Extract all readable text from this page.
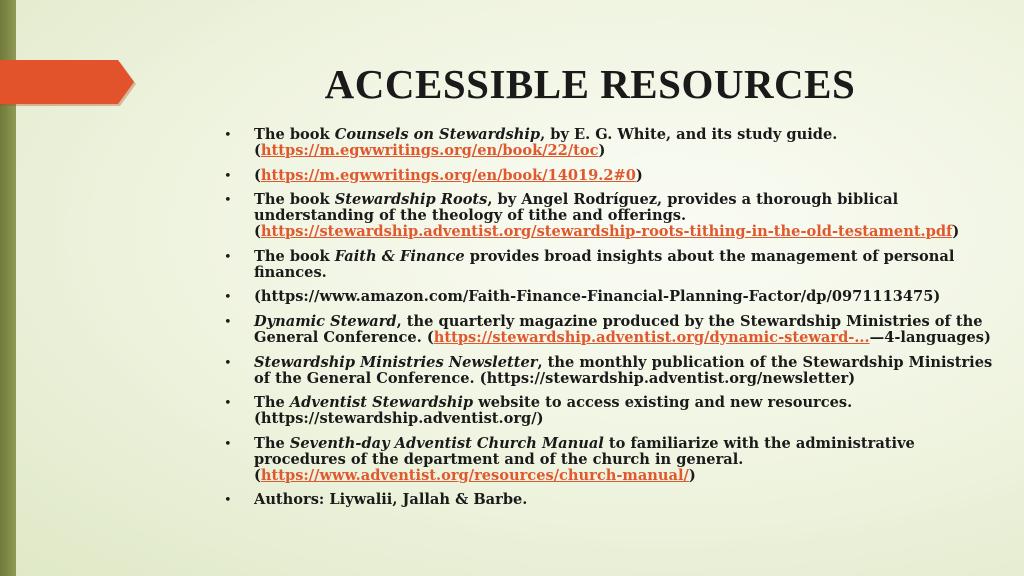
ACCESSIBLE RESOURCES
• The book Counsels on Stewardship, by E. G. White, and its study guide. (https://m.egwwritings.org/en/book/22/toc)
• (https://m.egwwritings.org/en/book/14019.2#0)
• The book Stewardship Roots, by Angel Rodríguez, provides a thorough biblical understanding of the theology of tithe and offerings. (https://stewardship.adventist.org/stewardship-roots-tithing-in-the-old-testament.pdf)
• The book Faith & Finance provides broad insights about the management of personal finances.
• (https://www.amazon.com/Faith-Finance-Financial-Planning-Factor/dp/0971113475)
• Dynamic Steward, the quarterly magazine produced by the Stewardship Ministries of the General Conference. (https://stewardship.adventist.org/dynamic-steward-...—4-languages)
• Stewardship Ministries Newsletter, the monthly publication of the Stewardship Ministries of the General Conference. (https://stewardship.adventist.org/newsletter)
• The Adventist Stewardship website to access existing and new resources. (https://stewardship.adventist.org/)
• The Seventh-day Adventist Church Manual to familiarize with the administrative procedures of the department and of the church in general. (https://www.adventist.org/resources/church-manual/)
• Authors: Liywalii, Jallah & Barbe.
